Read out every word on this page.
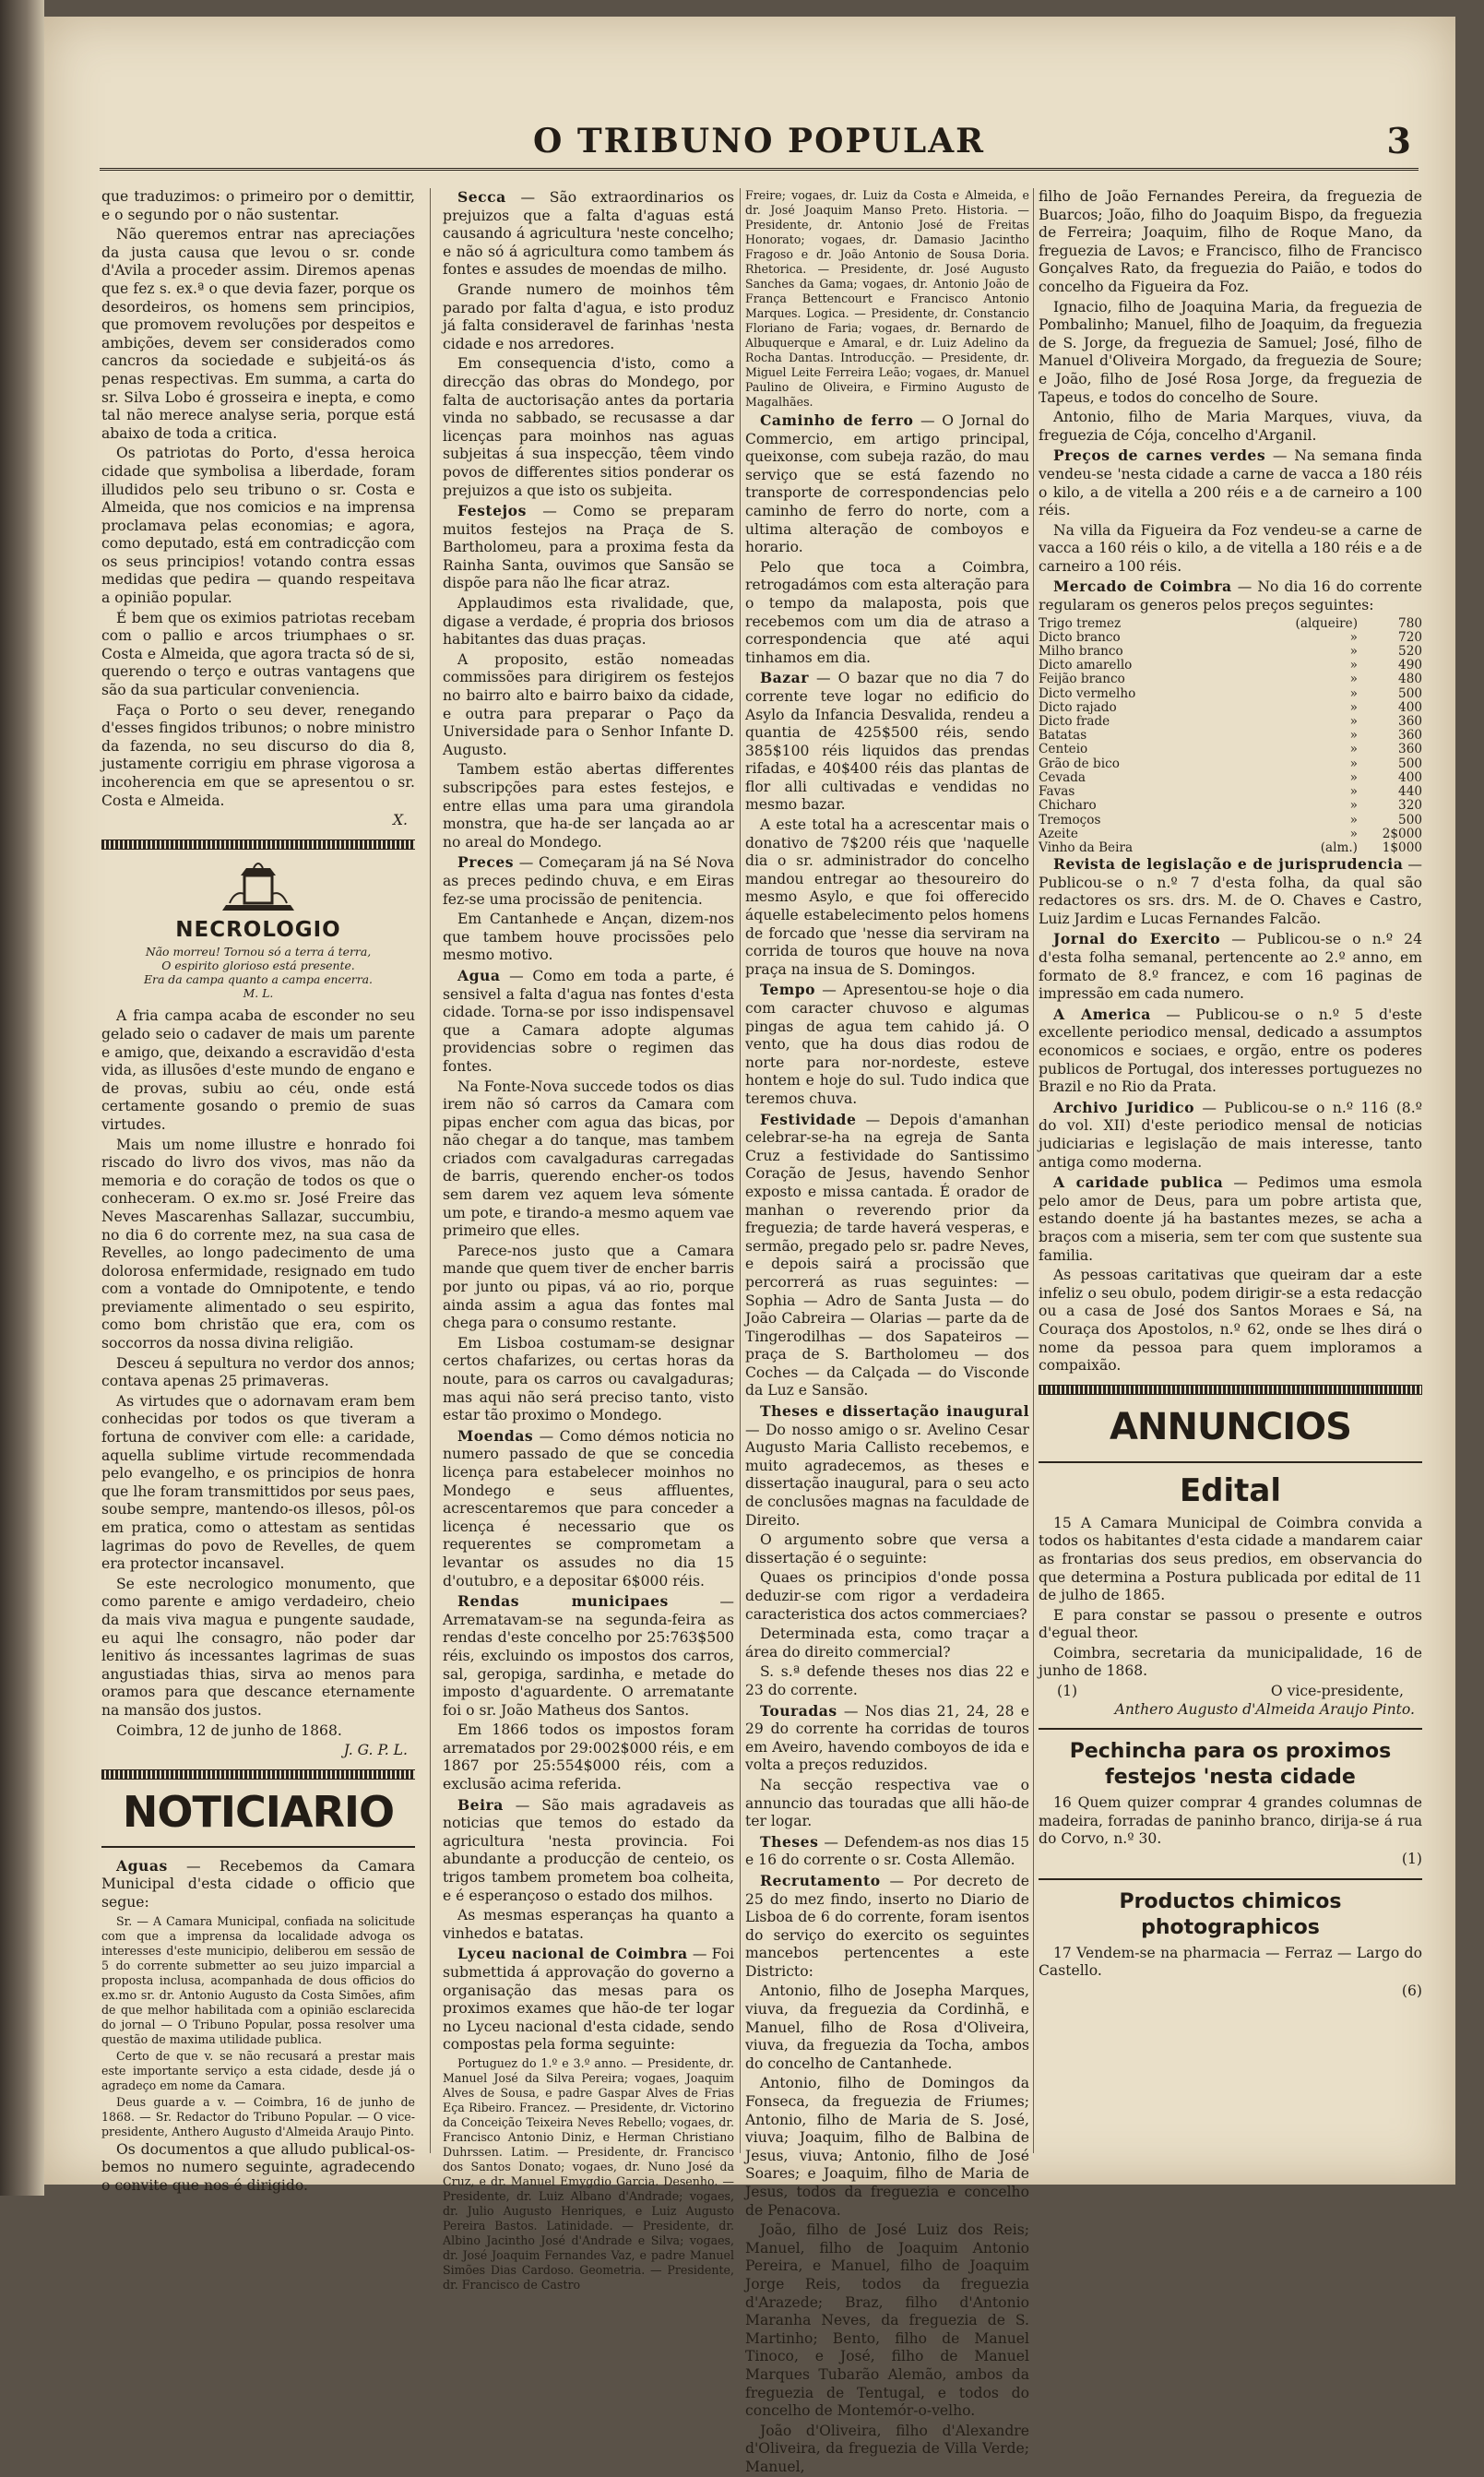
O TRIBUNO POPULAR	3

que traduzimos: o primeiro por o demittir, e o segundo por o não sustentar.

Não queremos entrar nas apreciações da justa causa que levou o sr. conde d'Avila a proceder assim. Diremos apenas que fez s. ex.ª o que devia fazer, porque os desordeiros, os homens sem principios, que promovem revoluções por despeitos e ambições, devem ser considerados como cancros da sociedade e subjeitá-os ás penas respectivas. Em summa, a carta do sr. Silva Lobo é grosseira e inepta, e como tal não merece analyse seria, porque está abaixo de toda a critica.

Os patriotas do Porto, d'essa heroica cidade que symbolisa a liberdade, foram illudidos pelo seu tribuno o sr. Costa e Almeida, que nos comicios e na imprensa proclamava pelas economias; e agora, como deputado, está em contradicção com os seus principios! votando contra essas medidas que pedira — quando respeitava a opinião popular.

É bem que os eximios patriotas recebam com o pallio e arcos triumphaes o sr. Costa e Almeida, que agora tracta só de si, querendo o terço e outras vantagens que são da sua particular conveniencia.

Faça o Porto o seu dever, renegando d'esses fingidos tribunos; o nobre ministro da fazenda, no seu discurso do dia 8, justamente corrigiu em phrase vigorosa a incoherencia em que se apresentou o sr. Costa e Almeida.

X.
NECROLOGIO
Não morreu! Tornou só a terra á terra,
O espirito glorioso está presente.
Era da campa quanto a campa encerra.
M. L.

A fria campa acaba de esconder no seu gelado seio o cadaver de mais um parente e amigo, que, deixando a escravidão d'esta vida, as illusões d'este mundo de engano e de provas, subiu ao céu, onde está certamente gosando o premio de suas virtudes.

Mais um nome illustre e honrado foi riscado do livro dos vivos, mas não da memoria e do coração de todos os que o conheceram. O ex.mo sr. José Freire das Neves Mascarenhas Sallazar, succumbiu, no dia 6 do corrente mez, na sua casa de Revelles, ao longo padecimento de uma dolorosa enfermidade, resignado em tudo com a vontade do Omnipotente, e tendo previamente alimentado o seu espirito, como bom christão que era, com os soccorros da nossa divina religião.

Desceu á sepultura no verdor dos annos; contava apenas 25 primaveras.

As virtudes que o adornavam eram bem conhecidas por todos os que tiveram a fortuna de conviver com elle: a caridade, aquella sublime virtude recommendada pelo evangelho, e os principios de honra que lhe foram transmittidos por seus paes, soube sempre, mantendo-os illesos, pôl-os em pratica, como o attestam as sentidas lagrimas do povo de Revelles, de quem era protector incansavel.

Se este necrologico monumento, que como parente e amigo verdadeiro, cheio da mais viva magua e pungente saudade, eu aqui lhe consagro, não poder dar lenitivo ás incessantes lagrimas de suas angustiadas thias, sirva ao menos para oramos para que descance eternamente na mansão dos justos.

Coimbra, 12 de junho de 1868.

J. G. P. L.
NOTICIARIO

Aguas — Recebemos da Camara Municipal d'esta cidade o officio que segue:

Sr. — A Camara Municipal, confiada na solicitude com que a imprensa da localidade advoga os interesses d'este municipio, deliberou em sessão de 5 do corrente submetter ao seu juizo imparcial a proposta inclusa, acompanhada de dous officios do ex.mo sr. dr. Antonio Augusto da Costa Simões, afim de que melhor habilitada com a opinião esclarecida do jornal — O Tribuno Popular, possa resolver uma questão de maxima utilidade publica.

Certo de que v. se não recusará a prestar mais este importante serviço a esta cidade, desde já o agradeço em nome da Camara.

Deus guarde a v. — Coimbra, 16 de junho de 1868. — Sr. Redactor do Tribuno Popular. — O vice-presidente, Anthero Augusto d'Almeida Araujo Pinto.

Os documentos a que alludo publical-os-bemos no numero seguinte, agradecendo o convite que nos é dirigido.

Secca — São extraordinarios os prejuizos que a falta d'aguas está causando á agricultura 'neste concelho; e não só á agricultura como tambem ás fontes e assudes de moendas de milho.

Grande numero de moinhos têm parado por falta d'agua, e isto produz já falta consideravel de farinhas 'nesta cidade e nos arredores.

Em consequencia d'isto, como a direcção das obras do Mondego, por falta de auctorisação antes da portaria vinda no sabbado, se recusasse a dar licenças para moinhos nas aguas subjeitas á sua inspecção, têem vindo povos de differentes sitios ponderar os prejuizos a que isto os subjeita.

Festejos — Como se preparam muitos festejos na Praça de S. Bartholomeu, para a proxima festa da Rainha Santa, ouvimos que Sansão se dispõe para não lhe ficar atraz.

Applaudimos esta rivalidade, que, digase a verdade, é propria dos briosos habitantes das duas praças.

A proposito, estão nomeadas commissões para dirigirem os festejos no bairro alto e bairro baixo da cidade, e outra para preparar o Paço da Universidade para o Senhor Infante D. Augusto.

Tambem estão abertas differentes subscripções para estes festejos, e entre ellas uma para uma girandola monstra, que ha-de ser lançada ao ar no areal do Mondego.

Preces — Começaram já na Sé Nova as preces pedindo chuva, e em Eiras fez-se uma procissão de penitencia.

Em Cantanhede e Ançan, dizem-nos que tambem houve procissões pelo mesmo motivo.

Agua — Como em toda a parte, é sensivel a falta d'agua nas fontes d'esta cidade. Torna-se por isso indispensavel que a Camara adopte algumas providencias sobre o regimen das fontes.

Na Fonte-Nova succede todos os dias irem não só carros da Camara com pipas encher com agua das bicas, por não chegar a do tanque, mas tambem criados com cavalgaduras carregadas de barris, querendo encher-os todos sem darem vez aquem leva sómente um pote, e tirando-a mesmo aquem vae primeiro que elles.

Parece-nos justo que a Camara mande que quem tiver de encher barris por junto ou pipas, vá ao rio, porque ainda assim a agua das fontes mal chega para o consumo restante.

Em Lisboa costumam-se designar certos chafarizes, ou certas horas da noute, para os carros ou cavalgaduras; mas aqui não será preciso tanto, visto estar tão proximo o Mondego.

Moendas — Como démos noticia no numero passado de que se concedia licença para estabelecer moinhos no Mondego e seus affluentes, acrescentaremos que para conceder a licença é necessario que os requerentes se comprometam a levantar os assudes no dia 15 d'outubro, e a depositar 6$000 réis.

Rendas municipaes	— Arrematavam-se na segunda-feira as rendas d'este concelho por 25:763$500 réis, excluindo os impostos dos carros, sal, geropiga, sardinha, e metade do imposto d'aguardente. O arrematante foi o sr. João Matheus dos Santos.

Em 1866 todos os impostos foram arrematados por 29:002$000 réis, e em 1867 por 25:554$000 réis, com a exclusão acima referida.

Beira — São mais agradaveis as noticias que temos do estado da agricultura 'nesta provincia. Foi abundante a producção de centeio, os trigos tambem prometem boa colheita, e é esperançoso o estado dos milhos.

As mesmas esperanças ha quanto a vinhedos e batatas.

Lyceu nacional de Coimbra — Foi submettida á approvação do governo a organisação das mesas para os proximos exames que hão-de ter logar no Lyceu nacional d'esta cidade, sendo compostas pela forma seguinte:

Portuguez do 1.º e 3.º anno. — Presidente, dr. Manuel José da Silva Pereira; vogaes, Joaquim Alves de Sousa, e padre Gaspar Alves de Frias Eça Ribeiro. Francez. — Presidente, dr. Victorino da Conceição Teixeira Neves Rebello; vogaes, dr. Francisco Antonio Diniz, e Herman Christiano Duhrssen. Latim. — Presidente, dr. Francisco dos Santos Donato; vogaes, dr. Nuno José da Cruz, e dr. Manuel Emygdio Garcia. Desenho. — Presidente, dr. Luiz Albano d'Andrade; vogaes, dr. Julio Augusto Henriques, e Luiz Augusto Pereira Bastos. Latinidade. — Presidente, dr. Albino Jacintho José d'Andrade e Silva; vogaes, dr. José Joaquim Fernandes Vaz, e padre Manuel Simões Dias Cardoso. Geometria. — Presidente, dr. Francisco de Castro

Freire; vogaes, dr. Luiz da Costa e Almeida, e dr. José Joaquim Manso Preto. Historia. — Presidente, dr. Antonio José de Freitas Honorato; vogaes, dr. Damasio Jacintho Fragoso e dr. João Antonio de Sousa Doria. Rhetorica. — Presidente, dr. José Augusto Sanches da Gama; vogaes, dr. Antonio João de França Bettencourt e Francisco Antonio Marques. Logica. — Presidente, dr. Constancio Floriano de Faria; vogaes, dr. Bernardo de Albuquerque e Amaral, e dr. Luiz Adelino da Rocha Dantas. Introducção. — Presidente, dr. Miguel Leite Ferreira Leão; vogaes, dr. Manuel Paulino de Oliveira, e Firmino Augusto de Magalhães.

Caminho de ferro — O Jornal do Commercio, em artigo principal, queixonse, com subeja razão, do mau serviço que se está fazendo no transporte de correspondencias pelo caminho de ferro do norte, com a ultima alteração de comboyos e horario.

Pelo que toca a Coimbra, retrogadámos com esta alteração para o tempo da malaposta, pois que recebemos com um dia de atraso a correspondencia que até aqui tinhamos em dia.

Bazar — O bazar que no dia 7 do corrente teve logar no edificio do Asylo da Infancia Desvalida, rendeu a quantia de 425$500 réis, sendo 385$100 réis liquidos das prendas rifadas, e 40$400 réis das plantas de flor alli cultivadas e vendidas no mesmo bazar.

A este total ha a acrescentar mais o donativo de 7$200 réis que 'naquelle dia o sr. administrador do concelho mandou entregar ao thesoureiro do mesmo Asylo, e que foi offerecido áquelle estabelecimento pelos homens de forcado que 'nesse dia serviram na corrida de touros que houve na nova praça na insua de S. Domingos.

Tempo — Apresentou-se hoje o dia com caracter chuvoso e algumas pingas de agua tem cahido já. O vento, que ha dous dias rodou de norte para nor-nordeste, esteve hontem e hoje do sul. Tudo indica que teremos chuva.

Festividade — Depois d'amanhan celebrar-se-ha na egreja de Santa Cruz a festividade do Santissimo Coração de Jesus, havendo Senhor exposto e missa cantada. É orador de manhan o reverendo prior da freguezia; de tarde haverá vesperas, e sermão, pregado pelo sr. padre Neves, e depois sairá a procissão que percorrerá as ruas seguintes: — Sophia — Adro de Santa Justa — do João Cabreira — Olarias — parte da de Tingerodilhas — dos Sapateiros — praça de S. Bartholomeu — dos Coches — da Calçada — do Visconde da Luz e Sansão.

Theses e dissertação inaugural — Do nosso amigo o sr. Avelino Cesar Augusto Maria Callisto recebemos, e muito agradecemos, as theses e dissertação inaugural, para o seu acto de conclusões magnas na faculdade de Direito.

O argumento sobre que versa a dissertação é o seguinte:

Quaes os principios d'onde possa deduzir-se com rigor a verdadeira caracteristica dos actos commerciaes?

Determinada esta, como traçar a área do direito commercial?

S. s.ª defende theses nos dias 22 e 23 do corrente.

Touradas — Nos dias 21, 24, 28 e 29 do corrente ha corridas de touros em Aveiro, havendo comboyos de ida e volta a preços reduzidos.

Na secção respectiva vae o annuncio das touradas que alli hão-de ter logar.

Theses — Defendem-as nos dias 15 e 16 do corrente o sr. Costa Allemão.

Recrutamento — Por decreto de 25 do mez findo, inserto no Diario de Lisboa de 6 do corrente, foram isentos do serviço do exercito os seguintes mancebos pertencentes a este Districto:

Antonio, filho de Josepha Marques, viuva, da freguezia da Cordinhã, e Manuel, filho de Rosa d'Oliveira, viuva, da freguezia da Tocha, ambos do concelho de Cantanhede.

Antonio, filho de Domingos da Fonseca, da freguezia de Friumes; Antonio, filho de Maria de S. José, viuva; Joaquim, filho de Balbina de Jesus, viuva; Antonio, filho de José Soares; e Joaquim, filho de Maria de Jesus, todos da freguezia e concelho de Penacova.

João, filho de José Luiz dos Reis; Manuel, filho de Joaquim Antonio Pereira, e Manuel, filho de Joaquim Jorge Reis, todos da freguezia d'Arazede; Braz, filho d'Antonio Maranha Neves, da freguezia de S. Martinho; Bento, filho de Manuel Tinoco, e José, filho de Manuel Marques Tubarão Alemão, ambos da freguezia de Tentugal, e todos do concelho de Montemór-o-velho.

João d'Oliveira, filho d'Alexandre d'Oliveira, da freguezia de Villa Verde; Manuel,

filho de João Fernandes Pereira, da freguezia de Buarcos; João, filho do Joaquim Bispo, da freguezia de Ferreira; Joaquim, filho de Roque Mano, da freguezia de Lavos; e Francisco, filho de Francisco Gonçalves Rato, da freguezia do Paião, e todos do concelho da Figueira da Foz.

Ignacio, filho de Joaquina Maria, da freguezia de Pombalinho; Manuel, filho de Joaquim, da freguezia de S. Jorge, da freguezia de Samuel; José, filho de Manuel d'Oliveira Morgado, da freguezia de Soure; e João, filho de José Rosa Jorge, da freguezia de Tapeus, e todos do concelho de Soure.

Antonio, filho de Maria Marques, viuva, da freguezia de Cója, concelho d'Arganil.

Preços de carnes verdes — Na semana finda vendeu-se 'nesta cidade a carne de vacca a 180 réis o kilo, a de vitella a 200 réis e a de carneiro a 100 réis.

Na villa da Figueira da Foz vendeu-se a carne de vacca a 160 réis o kilo, a de vitella a 180 réis e a de carneiro a 100 réis.

Mercado de Coimbra — No dia 16 do corrente regularam os generos pelos preços seguintes:

Trigo tremez	(alqueire)	780
Dicto branco	»	720
Milho branco	»	520
Dicto amarello	»	490
Feijão branco	»	480
Dicto vermelho	»	500
Dicto rajado	»	400
Dicto frade	»	360
Batatas	»	360
Centeio	»	360
Grão de bico	»	500
Cevada	»	400
Favas	»	440
Chicharo	»	320
Tremoços	»	500
Azeite	»	2$000
Vinho da Beira	(alm.)	1$000

Revista de legislação e de jurisprudencia — Publicou-se o n.º 7 d'esta folha, da qual são redactores os srs. drs. M. de O. Chaves e Castro, Luiz Jardim e Lucas Fernandes Falcão.

Jornal do Exercito — Publicou-se o n.º 24 d'esta folha semanal, pertencente ao 2.º anno, em formato de 8.º francez, e com 16 paginas de impressão em cada numero.

A America — Publicou-se o n.º 5 d'este excellente periodico mensal, dedicado a assumptos economicos e sociaes, e orgão, entre os poderes publicos de Portugal, dos interesses portuguezes no Brazil e no Rio da Prata.

Archivo Juridico — Publicou-se o n.º 116 (8.º do vol. XII) d'este periodico mensal de noticias judiciarias e legislação de mais interesse, tanto antiga como moderna.

A caridade publica — Pedimos uma esmola pelo amor de Deus, para um pobre artista que, estando doente já ha bastantes mezes, se acha a braços com a miseria, sem ter com que sustente sua familia.

As pessoas caritativas que queiram dar a este infeliz o seu obulo, podem dirigir-se a esta redacção ou a casa de José dos Santos Moraes e Sá, na Couraça dos Apostolos, n.º 62, onde se lhes dirá o nome da pessoa para quem imploramos a compaixão.

ANNUNCIOS
Edital

15 A Camara Municipal de Coimbra convida a todos os habitantes d'esta cidade a mandarem caiar as frontarias dos seus predios, em observancia do que determina a Postura publicada por edital de 11 de julho de 1865.

E para constar se passou o presente e outros d'egual theor.

Coimbra, secretaria da municipalidade, 16 de junho de 1868.

(1)	O vice-presidente,
Anthero Augusto d'Almeida Araujo Pinto.
Pechincha para os proximos festejos 'nesta cidade

16 Quem quizer comprar 4 grandes columnas de madeira, forradas de paninho branco, dirija-se á rua do Corvo, n.º 30.

(1)
Productos chimicos photographicos

17 Vendem-se na pharmacia — Ferraz — Largo do Castello.

(6)
